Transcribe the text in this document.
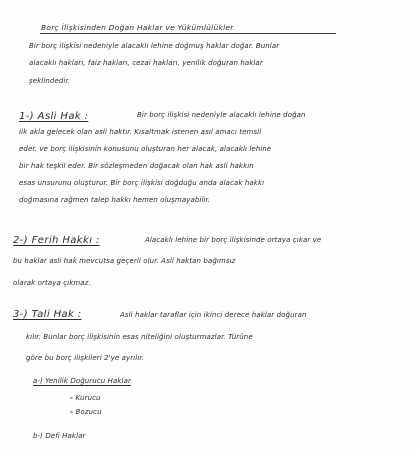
Borç İlişkisinden Doğan Haklar ve Yükümlülükler
Bir borç ilişkisi nedeniyle alacaklı lehine doğmuş haklar doğar. Bunlar
alacaklı hakları, faiz hakları, cezai hakları, yenilik doğuran haklar
şeklindedir.
1-) Asli Hak :	Bir borç ilişkisi nedeniyle alacaklı lehine doğan
ilk akla gelecek olan asli haktır. Kısaltmak istenen asıl amacı temsil
eder. ve borç ilişkisinin konusunu oluşturan her alacak, alacaklı lehine
bir hak teşkil eder. Bir sözleşmeden doğacak olan hak asli hakkın
esas unsurunu oluşturur. Bir borç ilişkisi doğduğu anda alacak hakkı
doğmasına rağmen talep hakkı hemen oluşmayabilir.
2-) Ferih Hakkı :	Alacaklı lehine bir borç ilişkisinde ortaya çıkar ve
bu haklar asli hak mevcutsa geçerli olur. Asli haktan bağımsız
olarak ortaya çıkmaz.
3-) Tali Hak :	Asli haklar taraflar için ikinci derece haklar doğuran
kılır. Bunlar borç ilişkisinin esas niteliğini oluşturmazlar. Türüne
göre bu borç ilişkileri 2'ye ayrılır.
a-) Yenilik Doğurucu Haklar
- Kurucu
- Bozucu
b-) Defi Haklar
